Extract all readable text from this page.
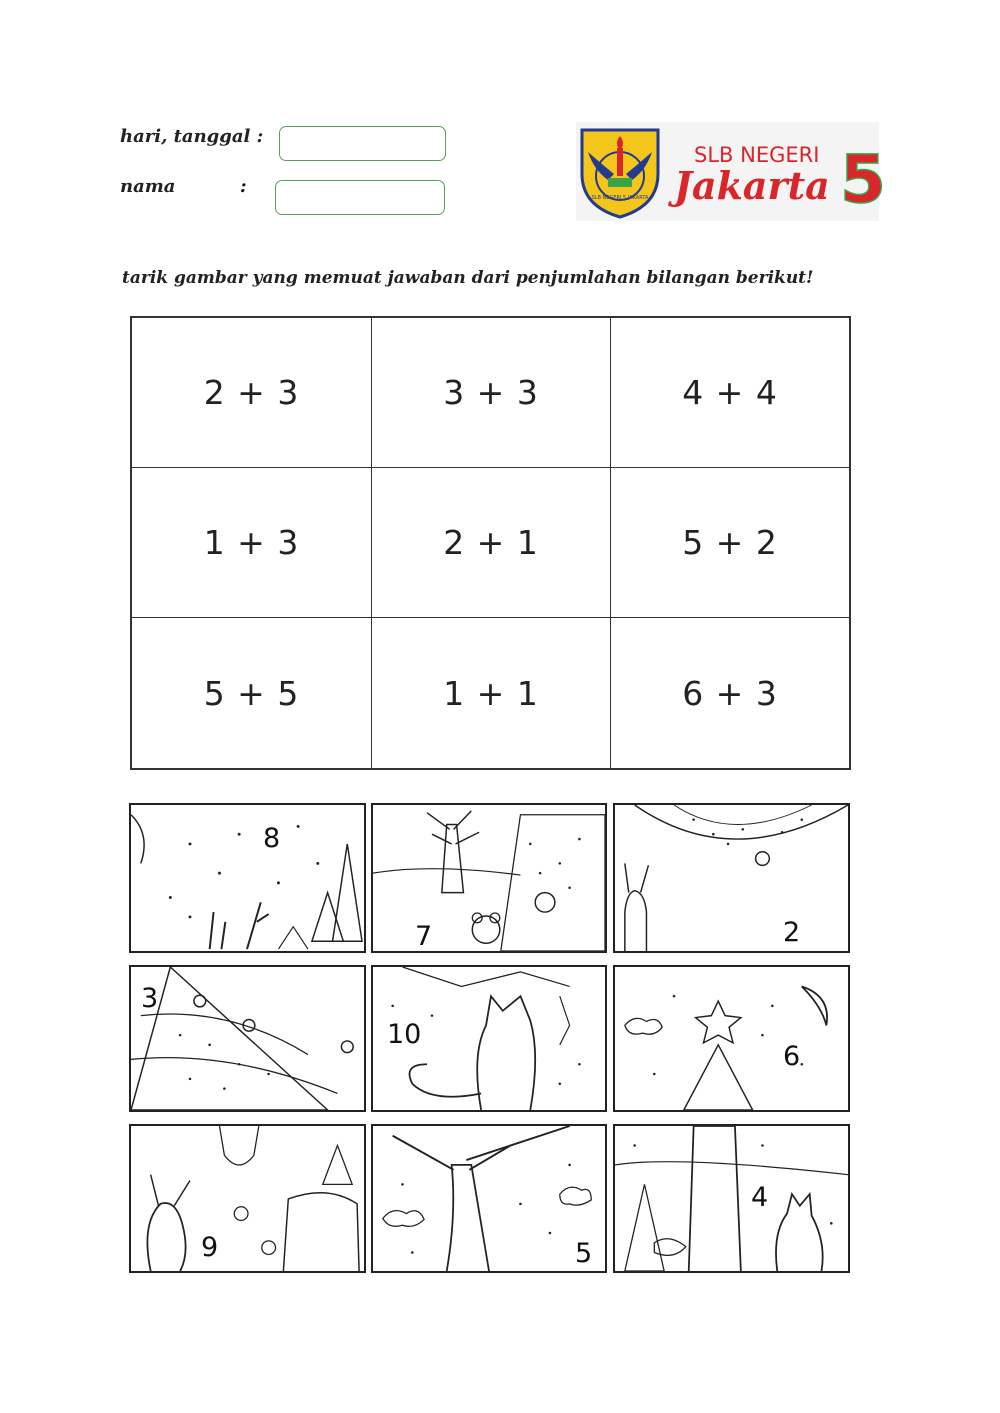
hari, tanggal :
nama	:
SLB NEGERI 5 JAKARTA
SLB NEGERI
Jakarta 5
tarik gambar yang memuat jawaban dari penjumlahan bilangan berikut!
2 + 3	3 + 3	4 + 4
1 + 3	2 + 1	5 + 2
5 + 5	1 + 1	6 + 3
8
7	2
3
10
6
9	5
4
